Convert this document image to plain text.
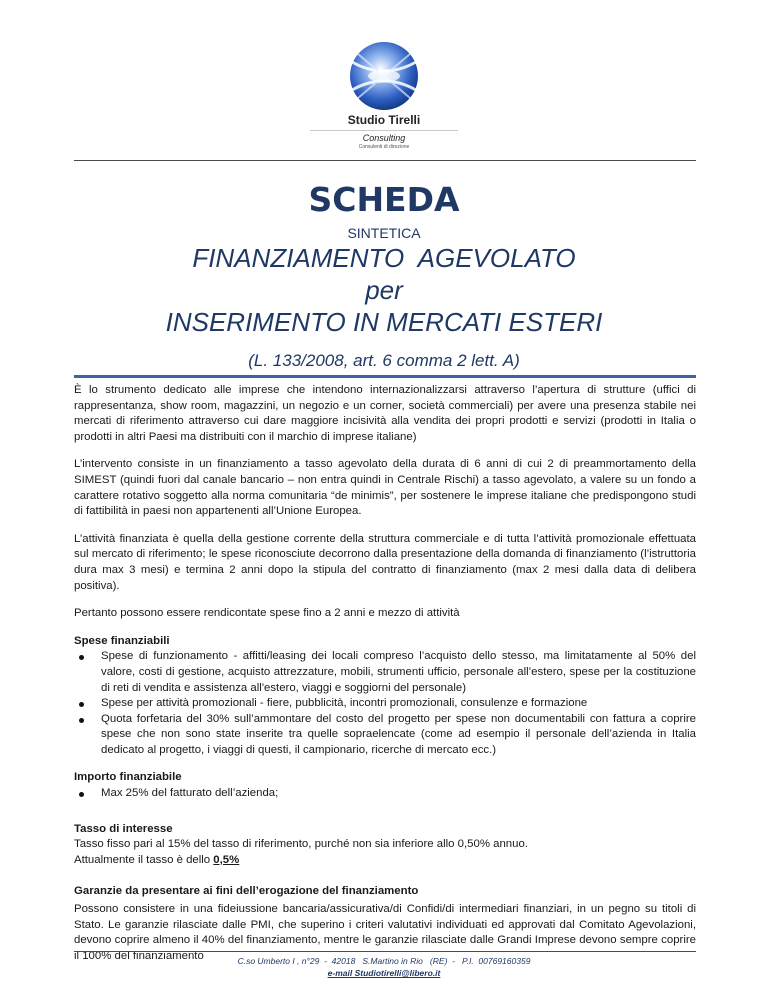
Studio Tirelli
Consulting
Consulenti di direzione
SCHEDA
SINTETICA
FINANZIAMENTO  AGEVOLATO
per
INSERIMENTO IN MERCATI ESTERI
(L. 133/2008, art. 6 comma 2 lett. A)

È lo strumento dedicato alle imprese che intendono internazionalizzarsi attraverso l’apertura di strutture (uffici di rappresentanza, show room, magazzini, un negozio e un corner, società commerciali) per avere una presenza stabile nei mercati di riferimento attraverso cui dare maggiore incisività alla vendita dei propri prodotti e servizi (prodotti in Italia o prodotti in altri Paesi ma distribuiti con il marchio di imprese italiane)

L’intervento consiste in un finanziamento a tasso agevolato della durata di 6 anni di cui 2 di preammortamento della SIMEST (quindi fuori dal canale bancario – non entra quindi in Centrale Rischi) a tasso agevolato, a valere su un fondo a carattere rotativo soggetto alla norma comunitaria “de minimis”, per sostenere le imprese italiane che predispongono studi di fattibilità in paesi non appartenenti all’Unione Europea.

L’attività finanziata è quella della gestione corrente della struttura commerciale e di tutta l’attività promozionale effettuata sul mercato di riferimento; le spese riconosciute decorrono dalla presentazione della domanda di finanziamento (l’istruttoria dura max 3 mesi) e termina 2 anni dopo la stipula del contratto di finanziamento (max 2 mesi dalla data di delibera positiva).

Pertanto possono essere rendicontate spese fino a 2 anni e mezzo di attività

Spese finanziabili
Spese di funzionamento - affitti/leasing dei locali compreso l’acquisto dello stesso, ma limitatamente al 50% del valore, costi di gestione, acquisto attrezzature, mobili, strumenti ufficio, personale all’estero, spese per la costituzione di reti di vendita e assistenza all'estero, viaggi e soggiorni del personale)
Spese per attività promozionali - fiere, pubblicità, incontri promozionali, consulenze e formazione
Quota forfetaria del 30% sull’ammontare del costo del progetto per spese non documentabili con fattura a coprire spese che non sono state inserite tra quelle sopraelencate (come ad esempio il personale dell’azienda in Italia dedicato al progetto, i viaggi di questi, il campionario, ricerche di mercato ecc.)
Importo finanziabile
Max 25% del fatturato dell’azienda;
Tasso di interesse

Tasso fisso pari al 15% del tasso di riferimento, purché non sia inferiore allo 0,50% annuo.

Attualmente il tasso è dello 0,5%

Garanzie da presentare ai fini dell’erogazione del finanziamento

Possono consistere in una fideiussione bancaria/assicurativa/di Confidi/di intermediari finanziari, in un pegno su titoli di Stato. Le garanzie rilasciate dalle PMI, che superino i criteri valutativi individuati ed approvati dal Comitato Agevolazioni, devono coprire almeno il 40% del finanziamento, mentre le garanzie rilasciate dalle Grandi Imprese devono sempre coprire il 100% del finanziamento	C.so Umberto I , n°29  -  42018   S.Martino in Rio   (RE)  -   P.I.  00769160359
e-mail Studiotirelli@libero.it
